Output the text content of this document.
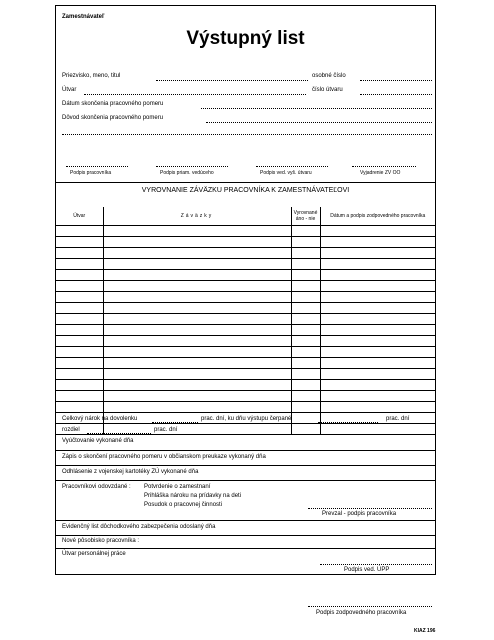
Zamestnávateľ
Výstupný list
Priezvisko, meno, titul	osobné číslo
Útvar	číslo útvaru
Dátum skončenia pracovného pomeru
Dôvod skončenia pracovného pomeru
Podpis pracovníka	Podpis priam. vedúceho	Podpis ved. vyš. útvaru	Vyjadrenie ZV OO
VYROVNANIE ZÁVÄZKU PRACOVNÍKA K ZAMESTNÁVATEĽOVI
Útvar	Záväzky	Vyrovnané áno - nie	Dátum a podpis zodpovedného pracovníka

Celkový nárok na dovolenku	prac. dní, ku dňu výstupu čerpané	prac. dní
rozdiel	prac. dní
Vyúčtovanie vykonané dňa
Zápis o skončení pracovného pomeru v občianskom preukaze vykonaný dňa
Odhlásenie z vojenskej kartotéky ZÚ vykonané dňa
Pracovníkovi odovzdané : Potvrdenie o zamestnaní
Prihláška nároku na prídavky na deti
Posudok o pracovnej činnosti
Prevzal - podpis pracovníka
Evidenčný list dôchodkového zabezpečenia odoslaný dňa
Nové pôsobisko pracovníka :
Útvar personálnej práce
Podpis ved. ÚPP
Podpis zodpovedného pracovníka
KIAZ 196
